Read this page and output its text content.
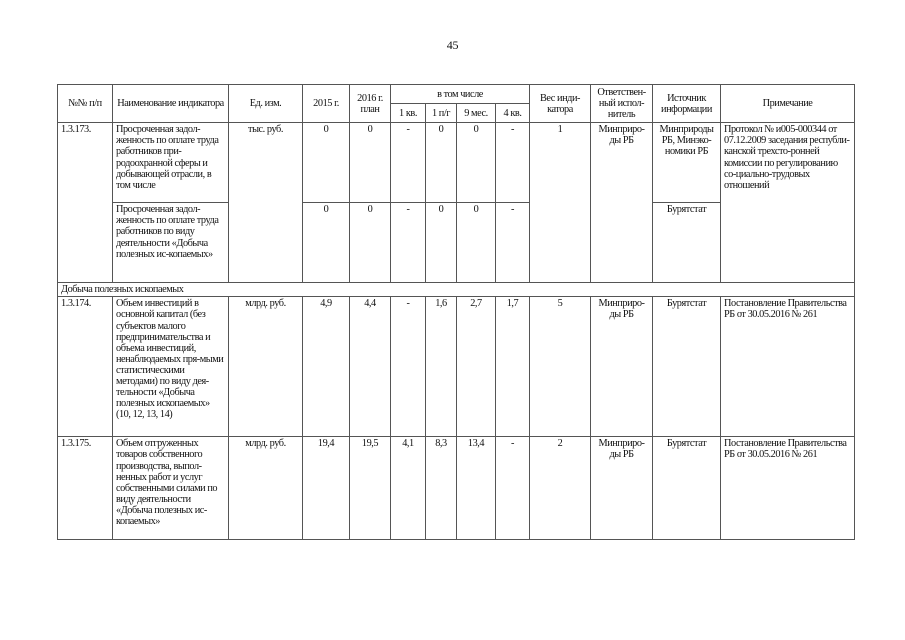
45
№№ п/п	Наименование индикатора	Ед. изм.	2015 г.	2016 г. план	в том числе				Вес инди-катора	Ответствен-ный испол-нитель	Источник информации	Примечание
					1 кв.	1 п/г	9 мес.	4 кв.				
1.3.173.	Просроченная задол-женность по оплате труда работников при-родоохранной сферы и добывающей отрасли, в том числе	тыс. руб.	0	0	-	0	0	-	1	Минприро-ды РБ	Минприроды РБ, Минэко-номики РБ	Протокол № и005-000344 от 07.12.2009 заседания республи-канской трехсто-ронней комиссии по регулированию со-циально-трудовых отношений
	Просроченная задол-женность по оплате труда работников по виду деятельности «Добыча полезных ис-копаемых»		0	0	-	0	0	-			Бурятстат	
Добыча полезных ископаемых												
1.3.174.	Объем инвестиций в основной капитал (без субъектов малого предпринимательства и объема инвестиций, ненаблюдаемых пря-мыми статистическими методами) по виду дея-тельности «Добыча полезных ископаемых» (10, 12, 13, 14)	млрд. руб.	4,9	4,4	-	1,6	2,7	1,7	5	Минприро-ды РБ	Бурятстат	Постановление Правительства РБ от 30.05.2016 № 261
1.3.175.	Объем отгруженных товаров собственного производства, выпол-ненных работ и услуг собственными силами по виду деятельности «Добыча полезных ис-копаемых»	млрд. руб.	19,4	19,5	4,1	8,3	13,4	-	2	Минприро-ды РБ	Бурятстат	Постановление Правительства РБ от 30.05.2016 № 261
